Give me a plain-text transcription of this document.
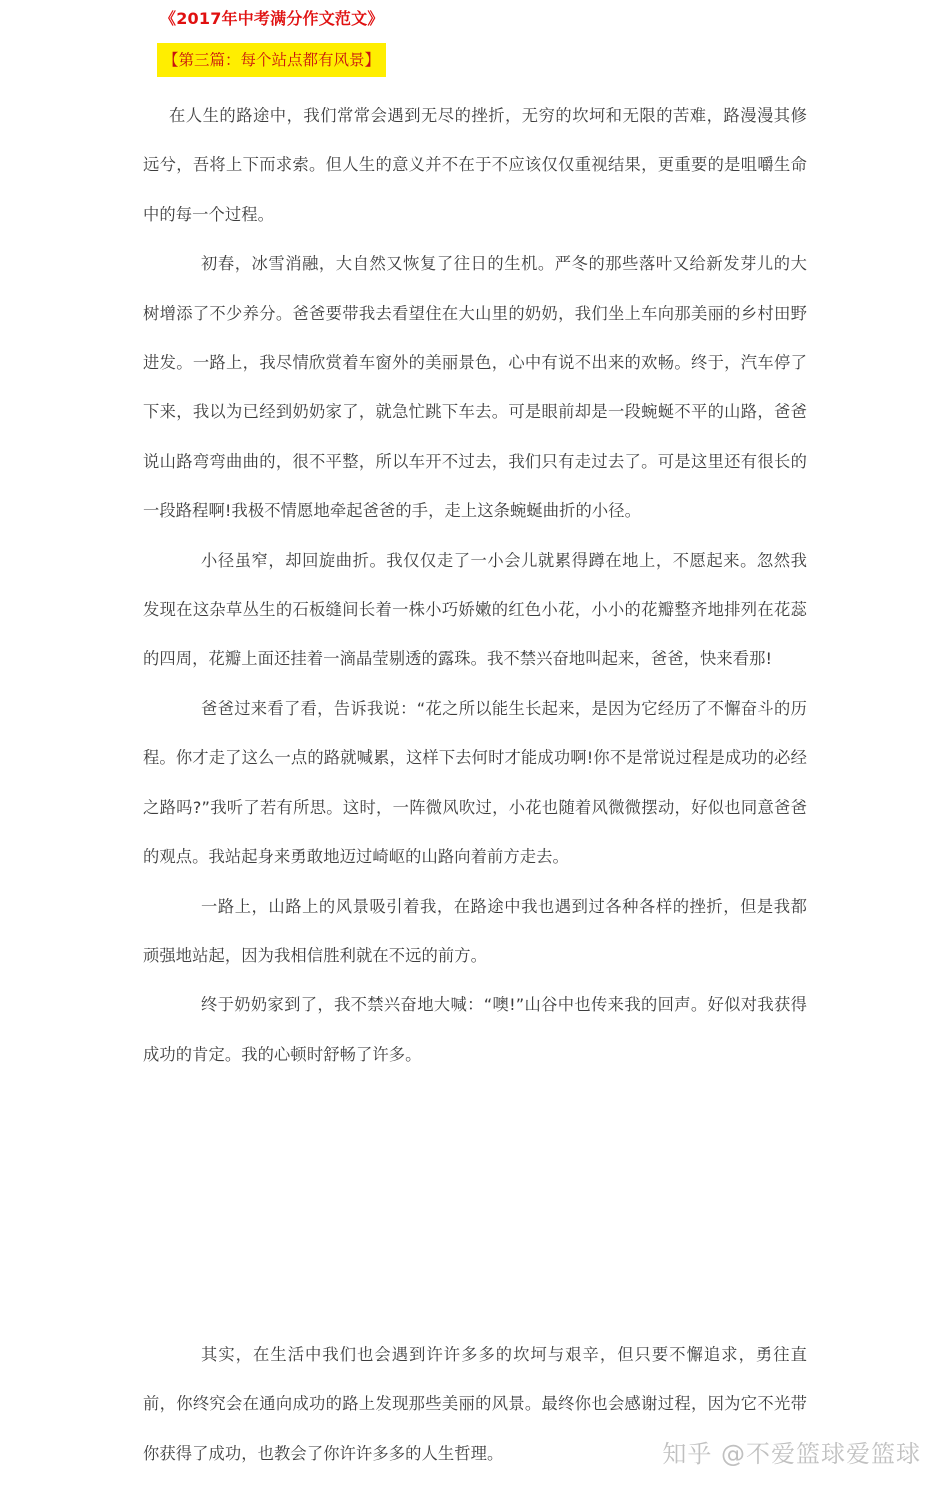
《2017年中考满分作文范文》
【第三篇：每个站点都有风景】

在人生的路途中，我们常常会遇到无尽的挫折，无穷的坎坷和无限的苦难，路漫漫其修远兮，吾将上下而求索。但人生的意义并不在于不应该仅仅重视结果，更重要的是咀嚼生命中的每一个过程。

初春，冰雪消融，大自然又恢复了往日的生机。严冬的那些落叶又给新发芽儿的大树增添了不少养分。爸爸要带我去看望住在大山里的奶奶，我们坐上车向那美丽的乡村田野进发。一路上，我尽情欣赏着车窗外的美丽景色，心中有说不出来的欢畅。终于，汽车停了下来，我以为已经到奶奶家了，就急忙跳下车去。可是眼前却是一段蜿蜒不平的山路，爸爸说山路弯弯曲曲的，很不平整，所以车开不过去，我们只有走过去了。可是这里还有很长的一段路程啊!我极不情愿地牵起爸爸的手，走上这条蜿蜒曲折的小径。

小径虽窄，却回旋曲折。我仅仅走了一小会儿就累得蹲在地上，不愿起来。忽然我发现在这杂草丛生的石板缝间长着一株小巧娇嫩的红色小花，小小的花瓣整齐地排列在花蕊的四周，花瓣上面还挂着一滴晶莹剔透的露珠。我不禁兴奋地叫起来，爸爸，快来看那!

爸爸过来看了看，告诉我说：“花之所以能生长起来，是因为它经历了不懈奋斗的历程。你才走了这么一点的路就喊累，这样下去何时才能成功啊!你不是常说过程是成功的必经之路吗?”我听了若有所思。这时，一阵微风吹过，小花也随着风微微摆动，好似也同意爸爸的观点。我站起身来勇敢地迈过崎岖的山路向着前方走去。

一路上，山路上的风景吸引着我，在路途中我也遇到过各种各样的挫折，但是我都顽强地站起，因为我相信胜利就在不远的前方。

终于奶奶家到了，我不禁兴奋地大喊：“噢!”山谷中也传来我的回声。好似对我获得成功的肯定。我的心顿时舒畅了许多。

其实，在生活中我们也会遇到许许多多的坎坷与艰辛，但只要不懈追求，勇往直前，你终究会在通向成功的路上发现那些美丽的风景。最终你也会感谢过程，因为它不光带你获得了成功，也教会了你许许多多的人生哲理。	知乎 @不爱篮球爱篮球
